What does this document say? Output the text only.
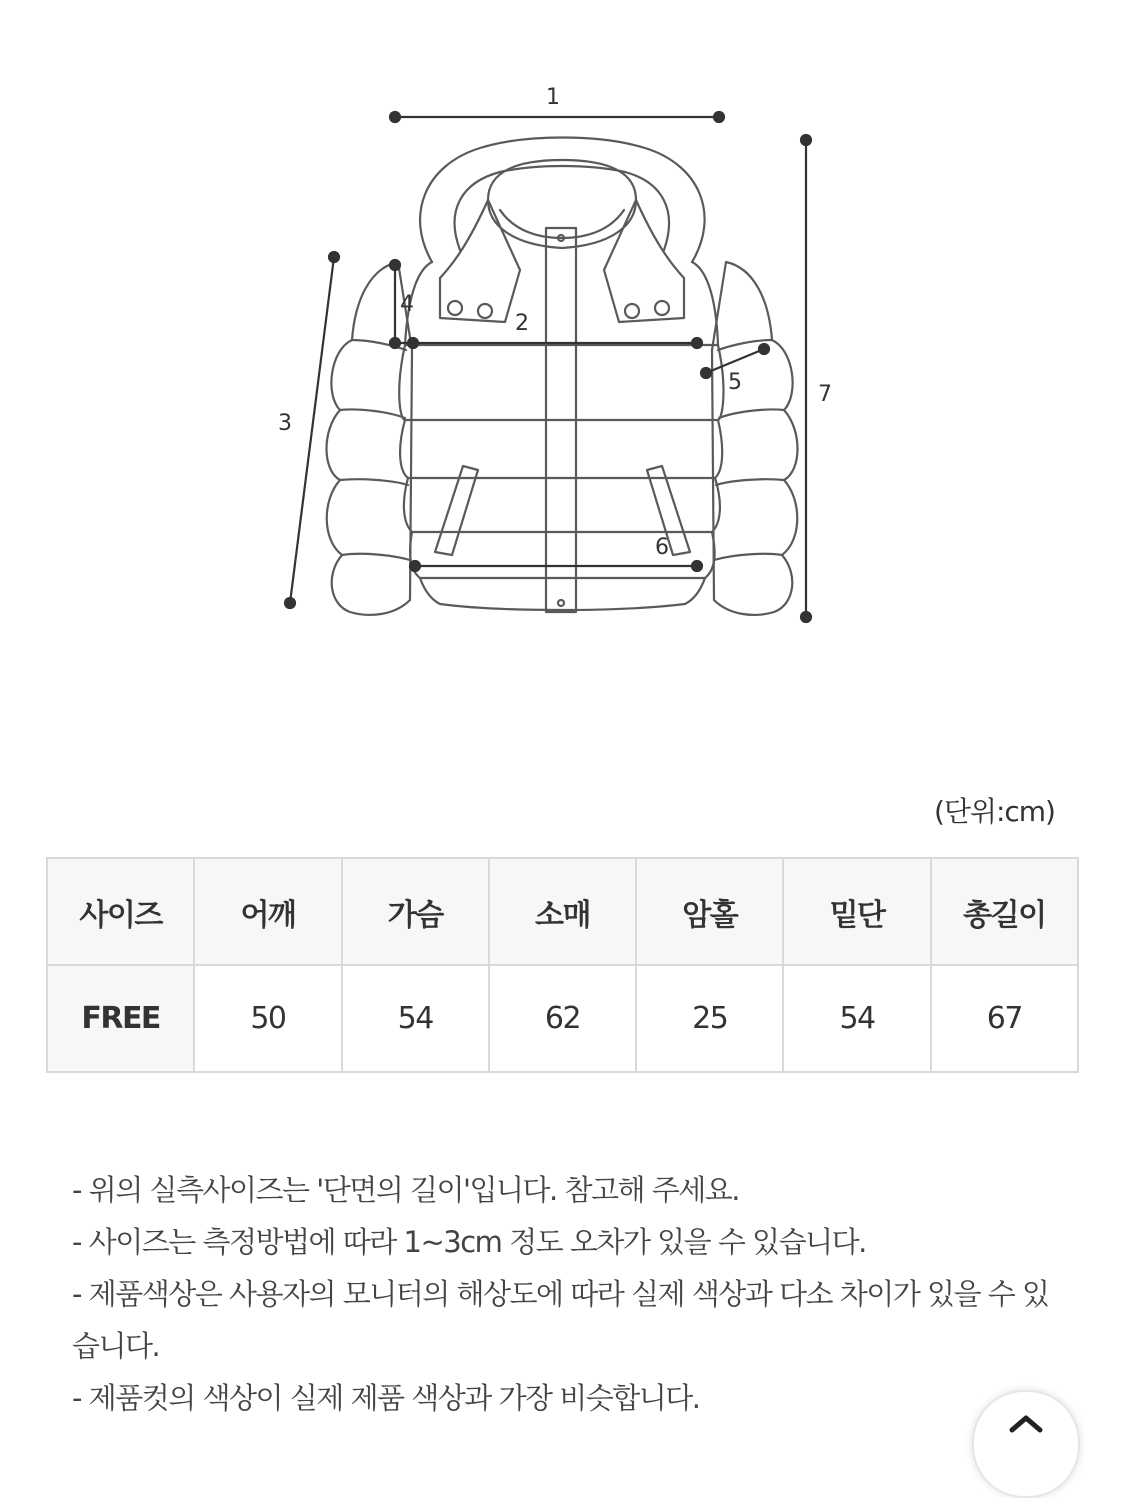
1
2
3
4
5
6
7
(단위:cm)
사이즈	어깨	가슴	소매	암홀	밑단	총길이
FREE	50	54	62	25	54	67

- 위의 실측사이즈는 '단면의 길이'입니다. 참고해 주세요.

- 사이즈는 측정방법에 따라 1~3cm 정도 오차가 있을 수 있습니다.

- 제품색상은 사용자의 모니터의 해상도에 따라 실제 색상과 다소 차이가 있을 수 있

습니다.

- 제품컷의 색상이 실제 제품 색상과 가장 비슷합니다.
